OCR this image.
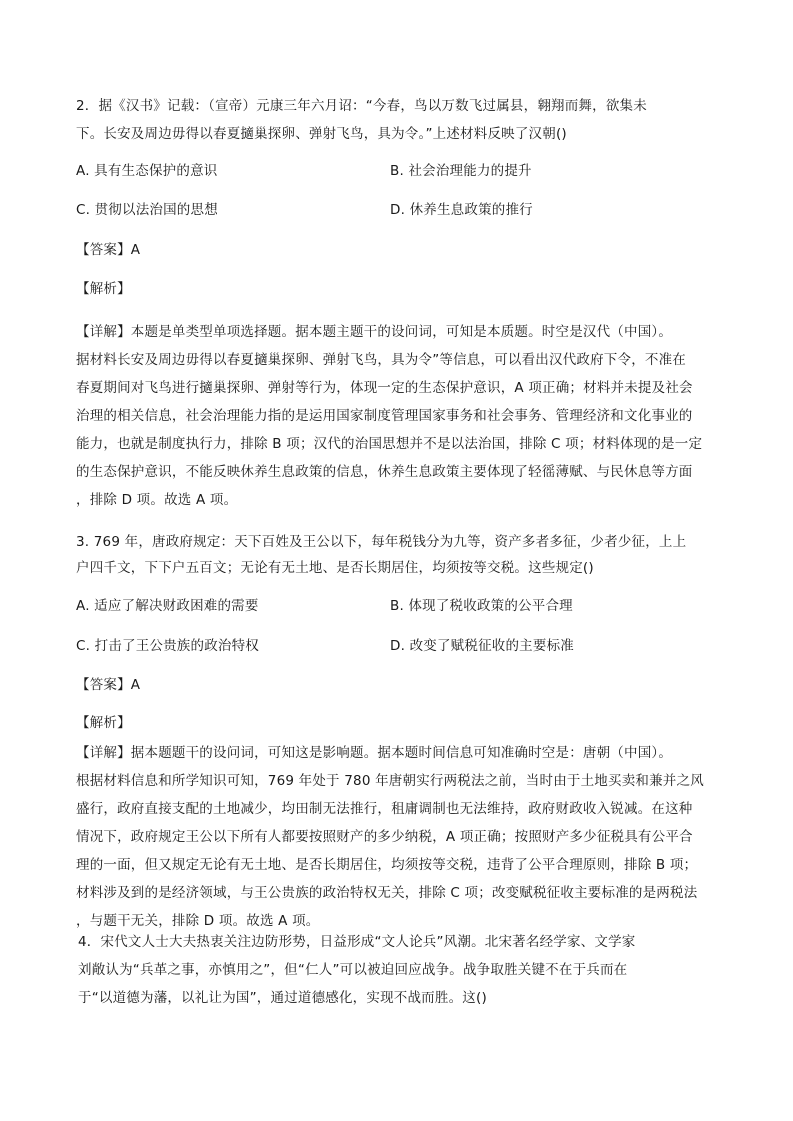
2．据《汉书》记载：（宣帝）元康三年六月诏：“今春，鸟以万数飞过属县，翱翔而舞，欲集未
下。长安及周边毋得以春夏擿巢探卵、弹射飞鸟，具为令。”上述材料反映了汉朝()
A. 具有生态保护的意识	B. 社会治理能力的提升
C. 贯彻以法治国的思想	D. 休养生息政策的推行
【答案】A
【解析】
【详解】本题是单类型单项选择题。据本题主题干的设问词，可知是本质题。时空是汉代（中国）。
据材料长安及周边毋得以春夏擿巢探卵、弹射飞鸟，具为令”等信息，可以看出汉代政府下令，不准在
春夏期间对飞鸟进行擿巢探卵、弹射等行为，体现一定的生态保护意识，A 项正确；材料并未提及社会
治理的相关信息，社会治理能力指的是运用国家制度管理国家事务和社会事务、管理经济和文化事业的
能力，也就是制度执行力，排除 B 项；汉代的治国思想并不是以法治国，排除 C 项；材料体现的是一定
的生态保护意识，不能反映休养生息政策的信息，休养生息政策主要体现了轻徭薄赋、与民休息等方面
，排除 D 项。故选 A 项。
3. 769 年，唐政府规定：天下百姓及王公以下，每年税钱分为九等，资产多者多征，少者少征，上上
户四千文，下下户五百文；无论有无土地、是否长期居住，均须按等交税。这些规定()
A. 适应了解决财政困难的需要	B. 体现了税收政策的公平合理
C. 打击了王公贵族的政治特权	D. 改变了赋税征收的主要标准
【答案】A
【解析】
【详解】据本题题干的设问词，可知这是影响题。据本题时间信息可知准确时空是：唐朝（中国）。
根据材料信息和所学知识可知，769 年处于 780 年唐朝实行两税法之前，当时由于土地买卖和兼并之风
盛行，政府直接支配的土地减少，均田制无法推行，租庸调制也无法维持，政府财政收入锐减。在这种
情况下，政府规定王公以下所有人都要按照财产的多少纳税，A 项正确；按照财产多少征税具有公平合
理的一面，但又规定无论有无土地、是否长期居住，均须按等交税，违背了公平合理原则，排除 B 项；
材料涉及到的是经济领域，与王公贵族的政治特权无关，排除 C 项；改变赋税征收主要标准的是两税法
，与题干无关，排除 D 项。故选 A 项。
4．宋代文人士大夫热衷关注边防形势，日益形成“文人论兵”风潮。北宋著名经学家、文学家
刘敞认为“兵革之事，亦慎用之”，但“仁人”可以被迫回应战争。战争取胜关键不在于兵而在
于“以道德为藩，以礼让为国”，通过道德感化，实现不战而胜。这()
